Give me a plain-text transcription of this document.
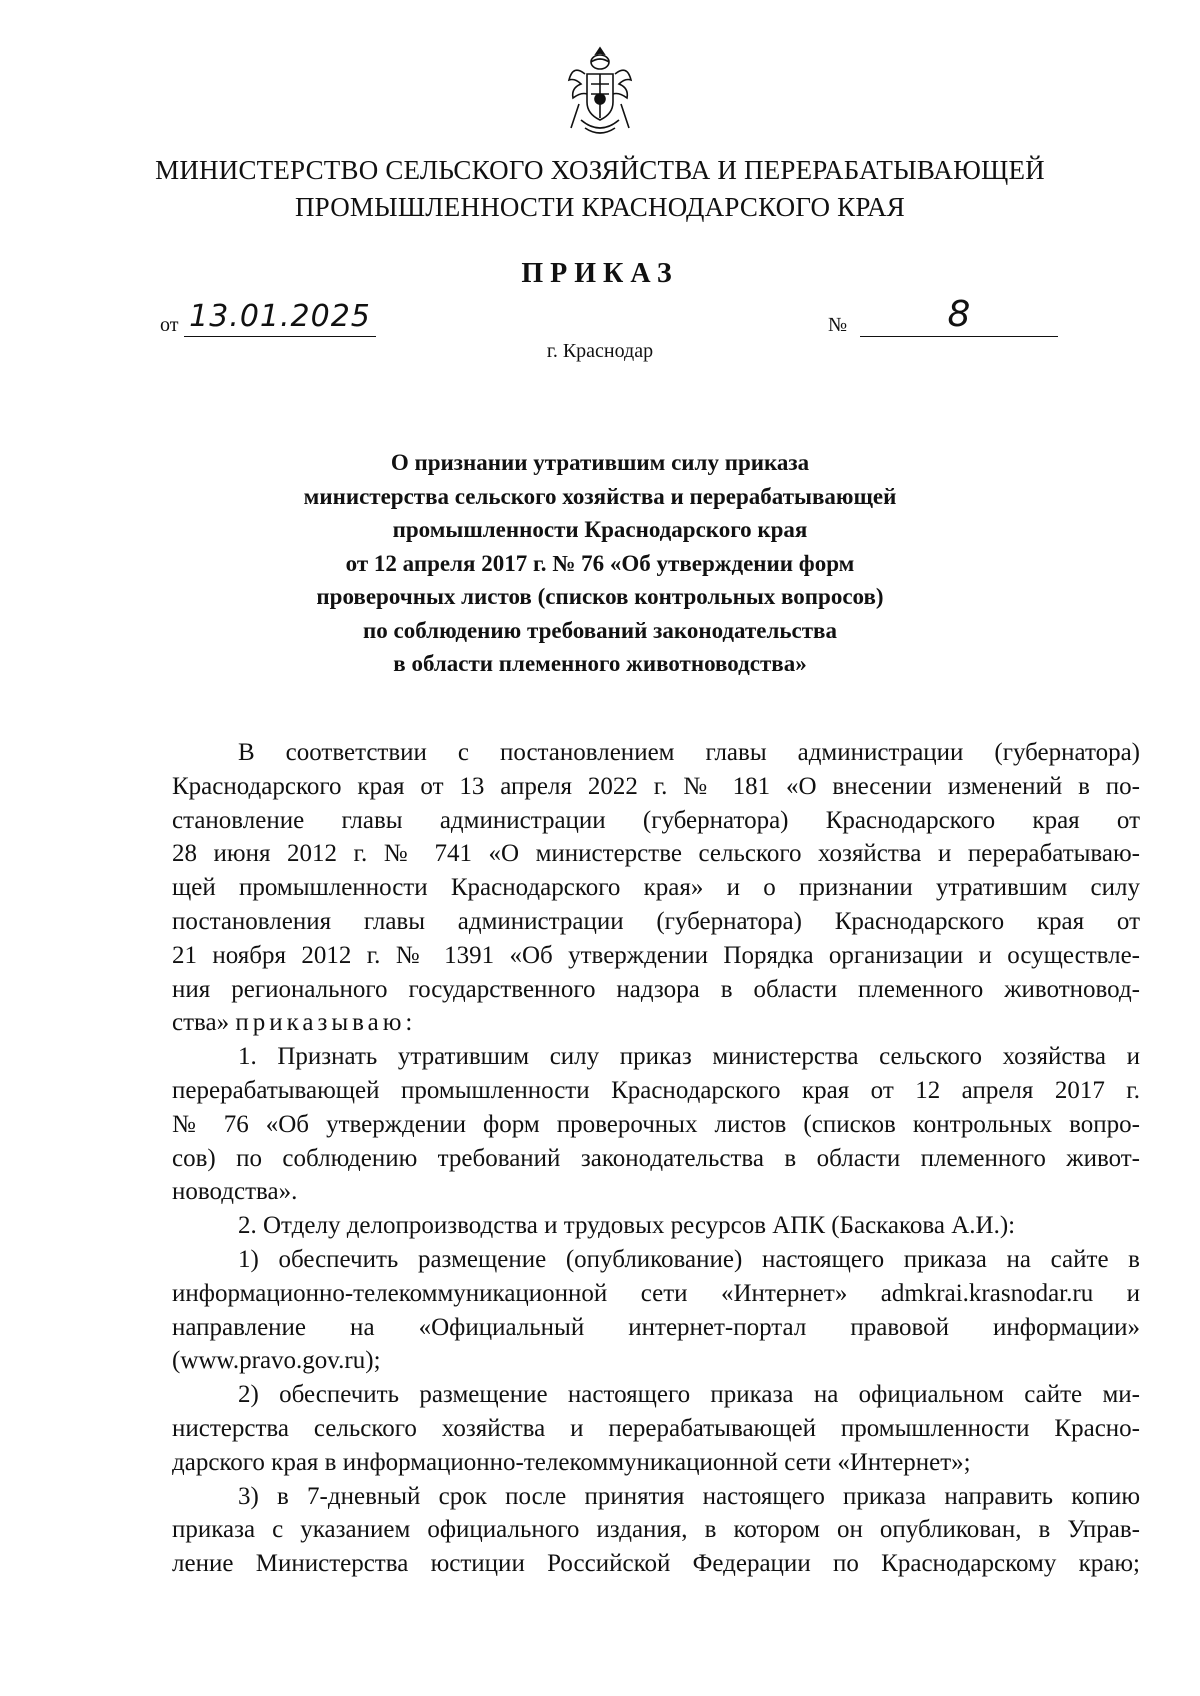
МИНИСТЕРСТВО СЕЛЬСКОГО ХОЗЯЙСТВА И ПЕРЕРАБАТЫВАЮЩЕЙ
ПРОМЫШЛЕННОСТИ КРАСНОДАРСКОГО КРАЯ
ПРИКАЗ
от 13.01.2025	№	8
г. Краснодар
О признании утратившим силу приказа
министерства сельского хозяйства и перерабатывающей
промышленности Краснодарского края
от 12 апреля 2017 г. № 76 «Об утверждении форм
проверочных листов (списков контрольных вопросов)
по соблюдению требований законодательства
в области племенного животноводства»
В соответствии с постановлением главы администрации (губернатора)
Краснодарского края от 13 апреля 2022 г. № 181 «О внесении изменений в по-
становление главы администрации (губернатора) Краснодарского края от
28 июня 2012 г. № 741 «О министерстве сельского хозяйства и перерабатываю-
щей промышленности Краснодарского края» и о признании утратившим силу
постановления главы администрации (губернатора) Краснодарского края от
21 ноября 2012 г. № 1391 «Об утверждении Порядка организации и осуществле-
ния регионального государственного надзора в области племенного животновод-
ства» приказываю:
1. Признать утратившим силу приказ министерства сельского хозяйства и
перерабатывающей промышленности Краснодарского края от 12 апреля 2017 г.
№ 76 «Об утверждении форм проверочных листов (списков контрольных вопро-
сов) по соблюдению требований законодательства в области племенного живот-
новодства».
2. Отделу делопроизводства и трудовых ресурсов АПК (Баскакова А.И.):
1) обеспечить размещение (опубликование) настоящего приказа на сайте в
информационно-телекоммуникационной сети «Интернет» admkrai.krasnodar.ru и
направление на «Официальный интернет-портал правовой информации»
(www.pravo.gov.ru);
2) обеспечить размещение настоящего приказа на официальном сайте ми-
нистерства сельского хозяйства и перерабатывающей промышленности Красно-
дарского края в информационно-телекоммуникационной сети «Интернет»;
3) в 7-дневный срок после принятия настоящего приказа направить копию
приказа с указанием официального издания, в котором он опубликован, в Управ-
ление Министерства юстиции Российской Федерации по Краснодарскому краю;
